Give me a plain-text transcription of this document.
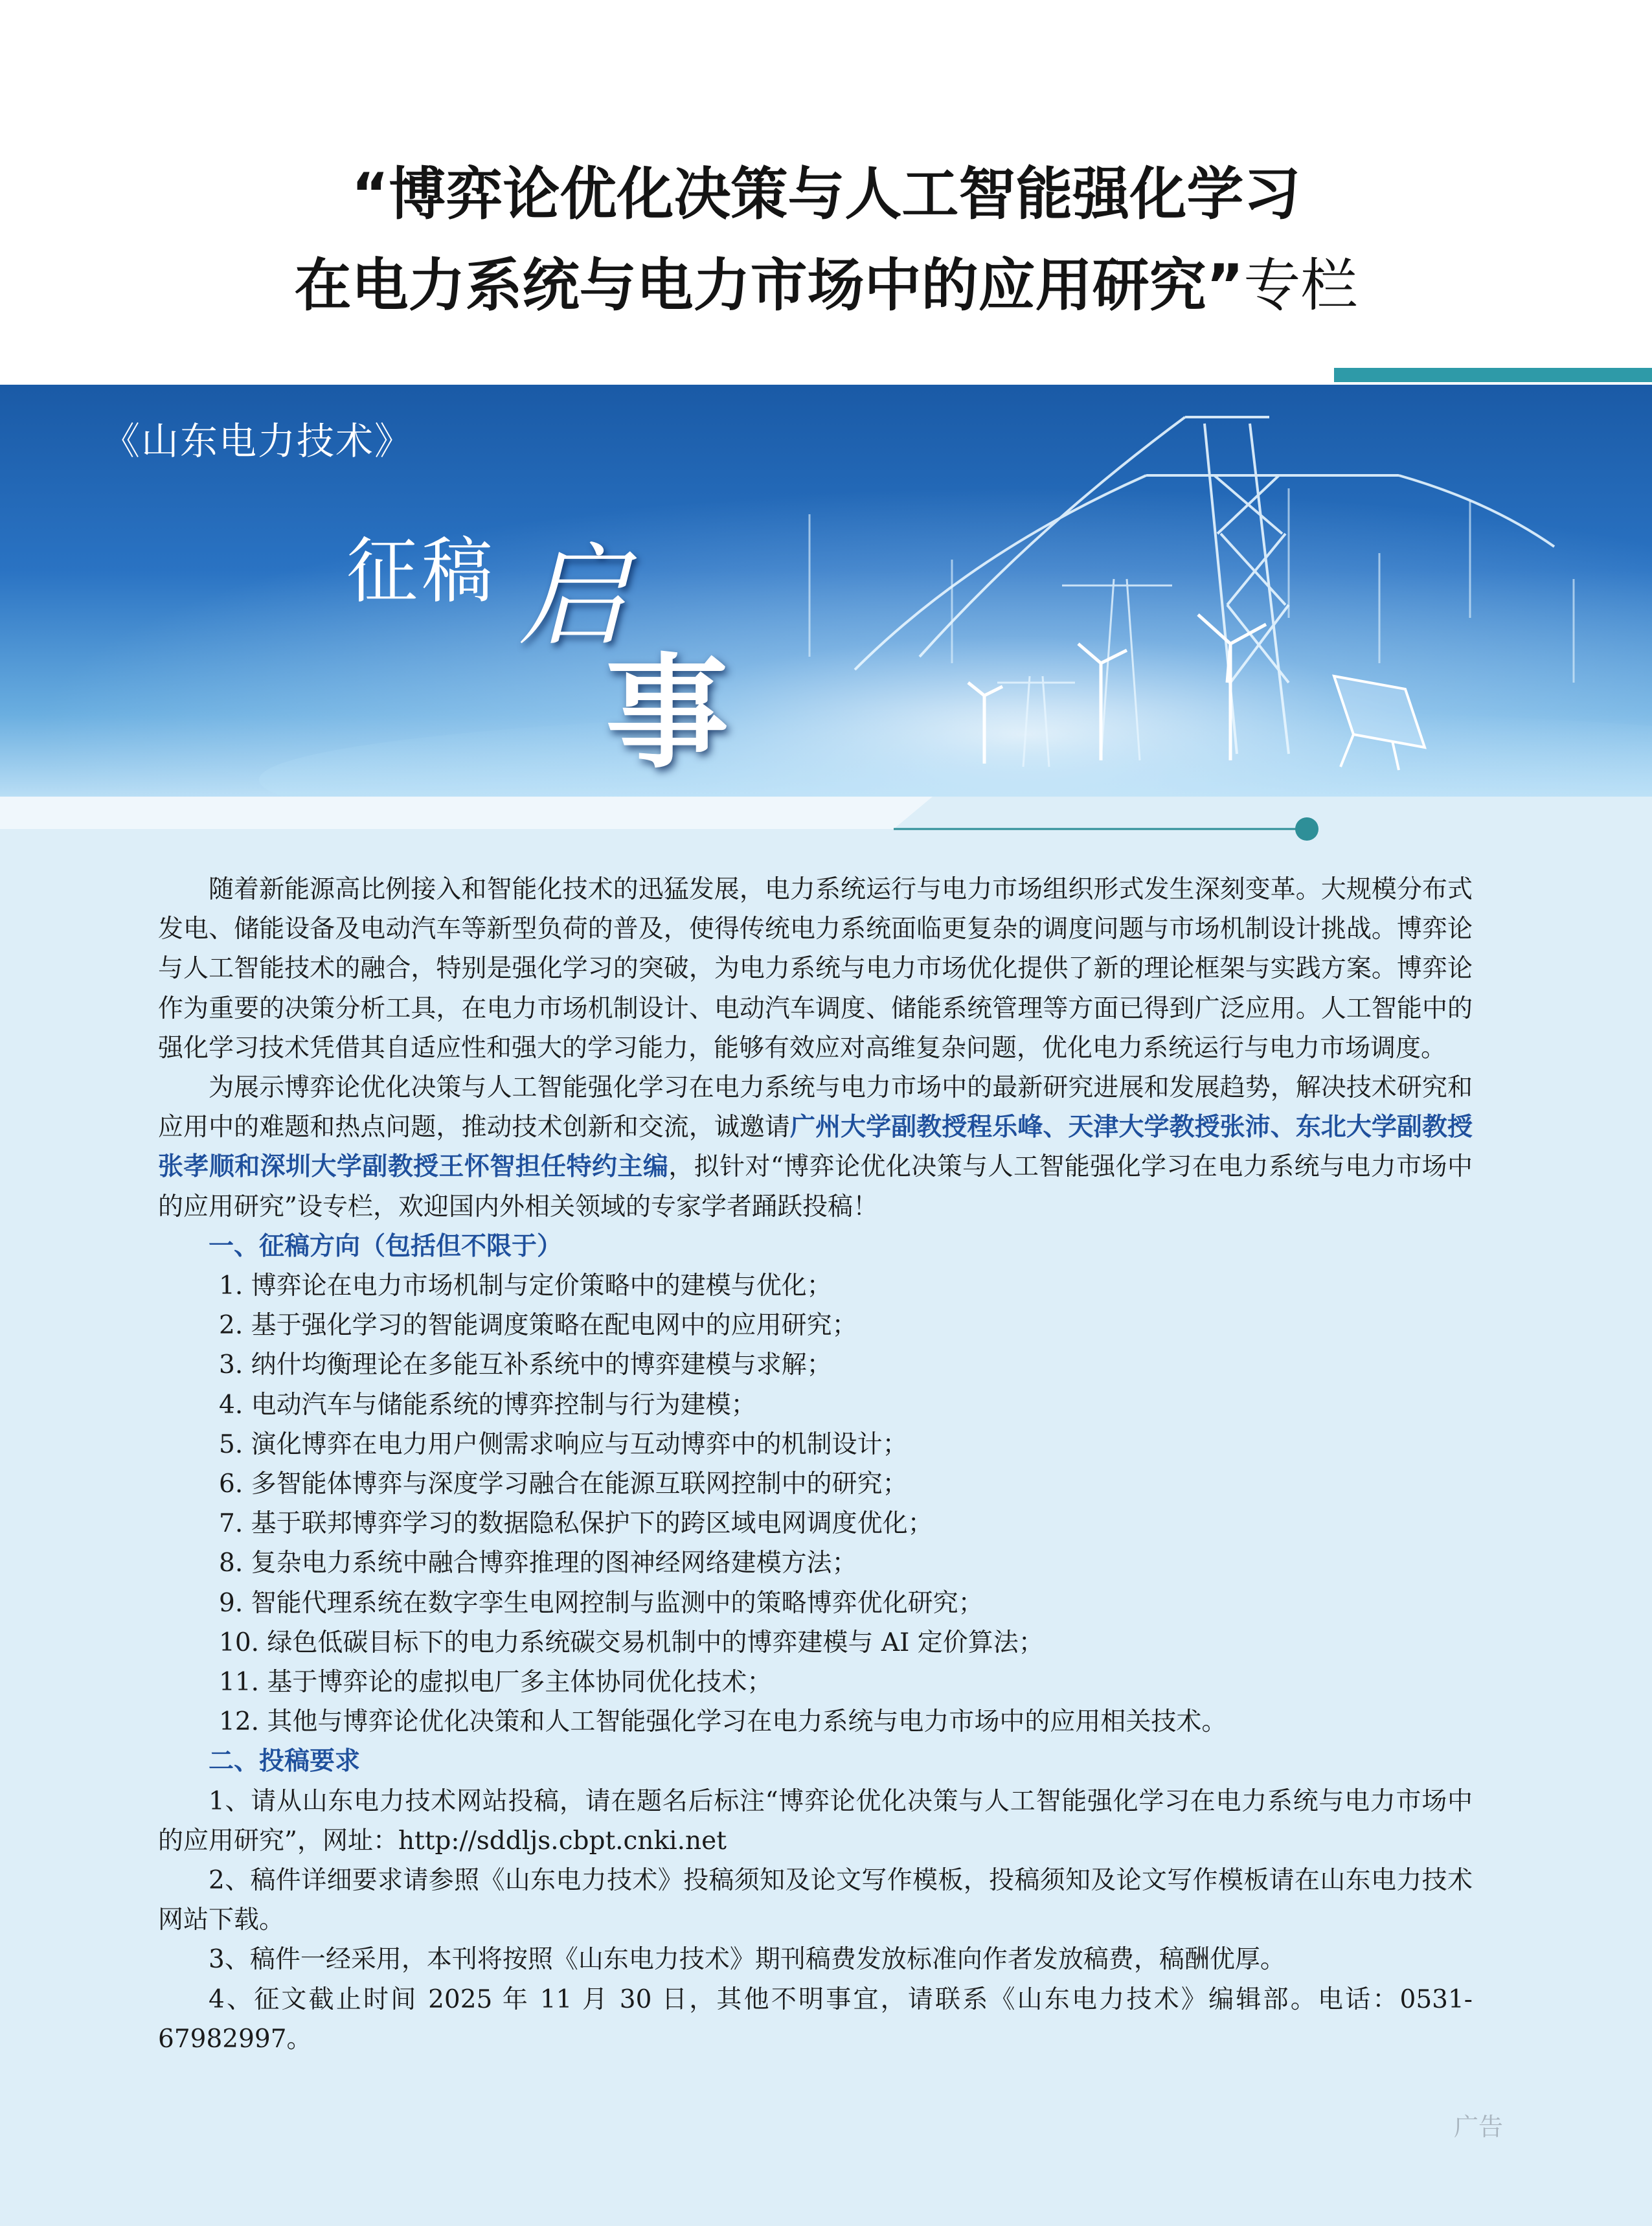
“博弈论优化决策与人工智能强化学习
在电力系统与电力市场中的应用研究”专栏
《山东电力技术》
征稿 启
事

随着新能源高比例接入和智能化技术的迅猛发展，电力系统运行与电力市场组织形式发生深刻变革。大规模分布式发电、储能设备及电动汽车等新型负荷的普及，使得传统电力系统面临更复杂的调度问题与市场机制设计挑战。博弈论与人工智能技术的融合，特别是强化学习的突破，为电力系统与电力市场优化提供了新的理论框架与实践方案。博弈论作为重要的决策分析工具，在电力市场机制设计、电动汽车调度、储能系统管理等方面已得到广泛应用。人工智能中的强化学习技术凭借其自适应性和强大的学习能力，能够有效应对高维复杂问题，优化电力系统运行与电力市场调度。

为展示博弈论优化决策与人工智能强化学习在电力系统与电力市场中的最新研究进展和发展趋势，解决技术研究和应用中的难题和热点问题，推动技术创新和交流，诚邀请广州大学副教授程乐峰、天津大学教授张沛、东北大学副教授张孝顺和深圳大学副教授王怀智担任特约主编，拟针对“博弈论优化决策与人工智能强化学习在电力系统与电力市场中的应用研究”设专栏，欢迎国内外相关领域的专家学者踊跃投稿！

一、征稿方向（包括但不限于）

1. 博弈论在电力市场机制与定价策略中的建模与优化；

2. 基于强化学习的智能调度策略在配电网中的应用研究；

3. 纳什均衡理论在多能互补系统中的博弈建模与求解；

4. 电动汽车与储能系统的博弈控制与行为建模；

5. 演化博弈在电力用户侧需求响应与互动博弈中的机制设计；

6. 多智能体博弈与深度学习融合在能源互联网控制中的研究；

7. 基于联邦博弈学习的数据隐私保护下的跨区域电网调度优化；

8. 复杂电力系统中融合博弈推理的图神经网络建模方法；

9. 智能代理系统在数字孪生电网控制与监测中的策略博弈优化研究；

10. 绿色低碳目标下的电力系统碳交易机制中的博弈建模与 AI 定价算法；

11. 基于博弈论的虚拟电厂多主体协同优化技术；

12. 其他与博弈论优化决策和人工智能强化学习在电力系统与电力市场中的应用相关技术。

二、投稿要求

1、请从山东电力技术网站投稿，请在题名后标注“博弈论优化决策与人工智能强化学习在电力系统与电力市场中的应用研究”，网址：http://sddljs.cbpt.cnki.net

2、稿件详细要求请参照《山东电力技术》投稿须知及论文写作模板，投稿须知及论文写作模板请在山东电力技术网站下载。

3、稿件一经采用，本刊将按照《山东电力技术》期刊稿费发放标准向作者发放稿费，稿酬优厚。

4、征文截止时间 2025 年 11 月 30 日，其他不明事宜，请联系《山东电力技术》编辑部。电话：0531-67982997。

广告
